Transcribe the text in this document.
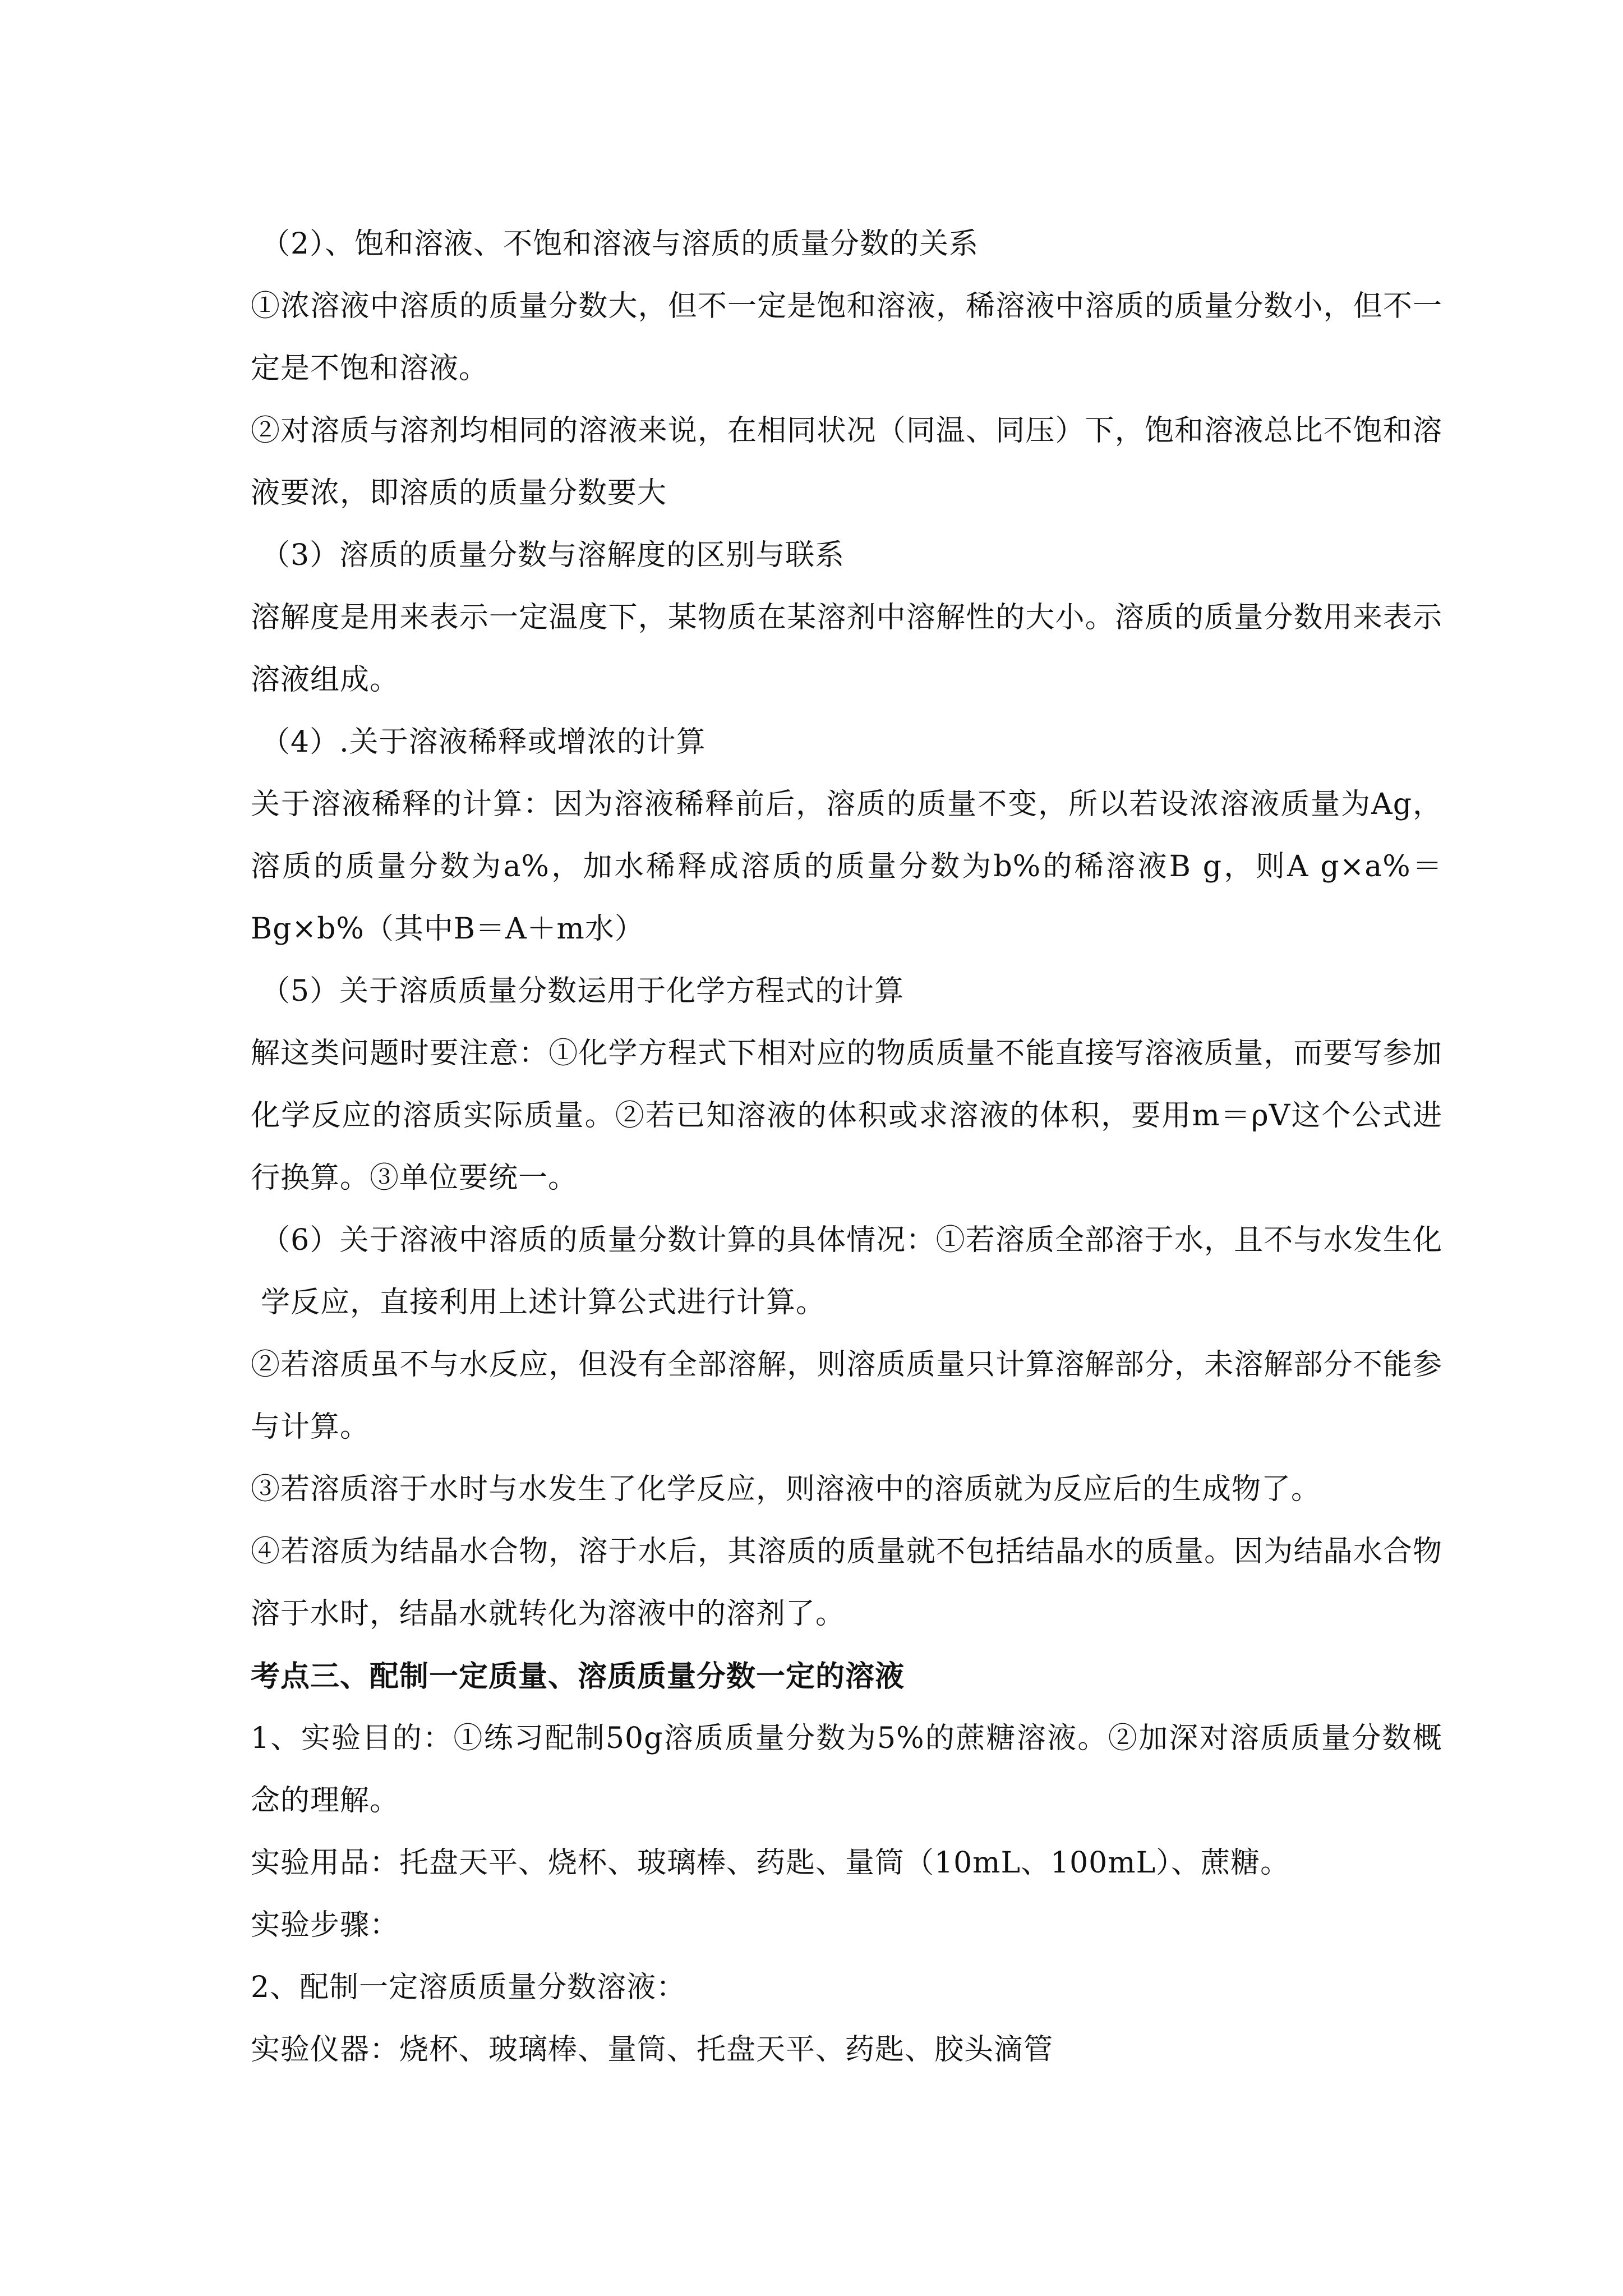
（2）、饱和溶液、不饱和溶液与溶质的质量分数的关系

①浓溶液中溶质的质量分数大，但不一定是饱和溶液，稀溶液中溶质的质量分数小，但不一定是不饱和溶液。

②对溶质与溶剂均相同的溶液来说，在相同状况（同温、同压）下，饱和溶液总比不饱和溶液要浓，即溶质的质量分数要大

（3）溶质的质量分数与溶解度的区别与联系

溶解度是用来表示一定温度下，某物质在某溶剂中溶解性的大小。溶质的质量分数用来表示溶液组成。

（4）.关于溶液稀释或增浓的计算

关于溶液稀释的计算：因为溶液稀释前后，溶质的质量不变，所以若设浓溶液质量为Ag，溶质的质量分数为a%，加水稀释成溶质的质量分数为b%的稀溶液B g，则A g×a%＝Bg×b%（其中B＝A＋m水）

（5）关于溶质质量分数运用于化学方程式的计算

解这类问题时要注意：①化学方程式下相对应的物质质量不能直接写溶液质量，而要写参加化学反应的溶质实际质量。②若已知溶液的体积或求溶液的体积，要用m＝ρV这个公式进行换算。③单位要统一。

（6）关于溶液中溶质的质量分数计算的具体情况：①若溶质全部溶于水，且不与水发生化学反应，直接利用上述计算公式进行计算。

②若溶质虽不与水反应，但没有全部溶解，则溶质质量只计算溶解部分，未溶解部分不能参与计算。

③若溶质溶于水时与水发生了化学反应，则溶液中的溶质就为反应后的生成物了。

④若溶质为结晶水合物，溶于水后，其溶质的质量就不包括结晶水的质量。因为结晶水合物溶于水时，结晶水就转化为溶液中的溶剂了。

考点三、配制一定质量、溶质质量分数一定的溶液

1、实验目的：①练习配制50g溶质质量分数为5%的蔗糖溶液。②加深对溶质质量分数概念的理解。

实验用品：托盘天平、烧杯、玻璃棒、药匙、量筒（10mL、100mL）、蔗糖。

实验步骤：

2、配制一定溶质质量分数溶液：

实验仪器：烧杯、玻璃棒、量筒、托盘天平、药匙、胶头滴管
